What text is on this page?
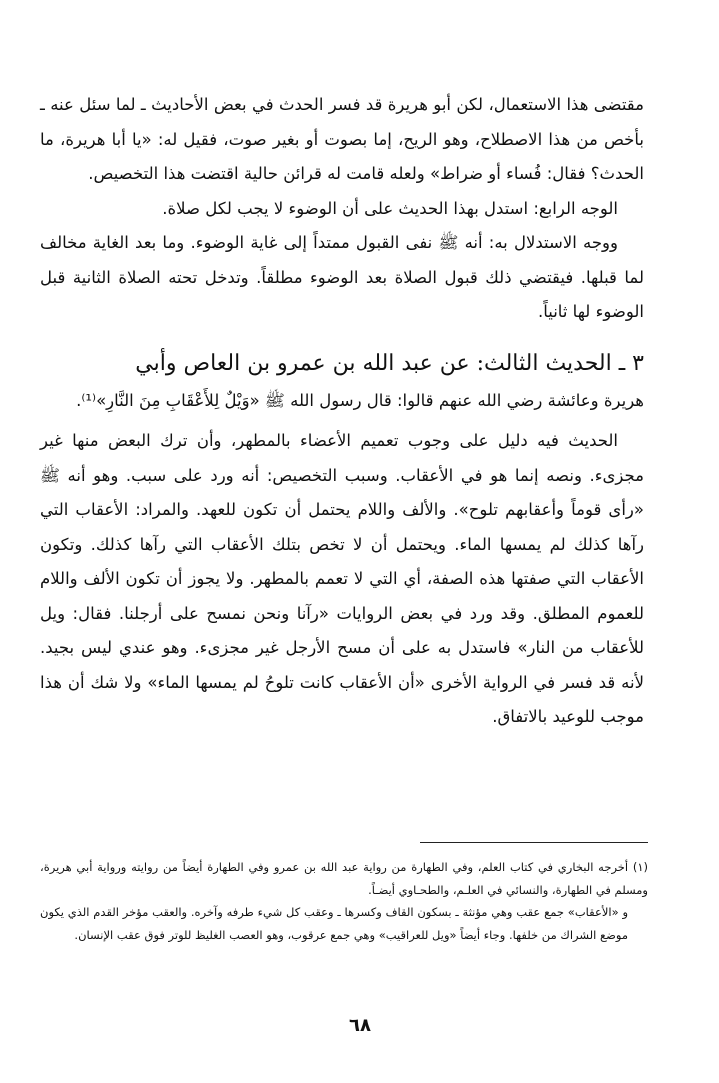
مقتضى هذا الاستعمال، لكن أبو هريرة قد فسر الحدث في بعض الأحاديث ـ لما سئل عنه ـ بأخص من هذا الاصطلاح، وهو الريح، إما بصوت أو بغير صوت، فقيل له: «يا أبا هريرة، ما الحدث؟ فقال: فُساء أو ضراط» ولعله قامت له قرائن حالية اقتضت هذا التخصيص.

الوجه الرابع: استدل بهذا الحديث على أن الوضوء لا يجب لكل صلاة.

ووجه الاستدلال به: أنه ﷺ نفى القبول ممتداً إلى غاية الوضوء. وما بعد الغاية مخالف لما قبلها. فيقتضي ذلك قبول الصلاة بعد الوضوء مطلقاً. وتدخل تحته الصلاة الثانية قبل الوضوء لها ثانياً.

٣ ـ الحديث الثالث: عن عبد الله بن عمرو بن العاص وأبي

هريرة وعائشة رضي الله عنهم قالوا: قال رسول الله ﷺ «وَيْلٌ لِلأَعْقَابِ مِنَ النَّارِ»⁽¹⁾.

الحديث فيه دليل على وجوب تعميم الأعضاء بالمطهر، وأن ترك البعض منها غير مجزىء. ونصه إنما هو في الأعقاب. وسبب التخصيص: أنه ورد على سبب. وهو أنه ﷺ «رأى قوماً وأعقابهم تلوح». والألف واللام يحتمل أن تكون للعهد. والمراد: الأعقاب التي رآها كذلك لم يمسها الماء. ويحتمل أن لا تخص بتلك الأعقاب التي رآها كذلك. وتكون الأعقاب التي صفتها هذه الصفة، أي التي لا تعمم بالمطهر. ولا يجوز أن تكون الألف واللام للعموم المطلق. وقد ورد في بعض الروايات «رآنا ونحن نمسح على أرجلنا. فقال: ويل للأعقاب من النار» فاستدل به على أن مسح الأرجل غير مجزىء. وهو عندي ليس بجيد. لأنه قد فسر في الرواية الأخرى «أن الأعقاب كانت تلوحُ لم يمسها الماء» ولا شك أن هذا موجب للوعيد بالاتفاق.

(١) أخرجه البخاري في كتاب العلم، وفي الطهارة من رواية عبد الله بن عمرو وفي الطهارة أيضاً من روايته ورواية أبي هريرة، ومسلم في الطهارة، والنسائي في العلـم، والطحـاوي أيضـاً.

و «الأعقاب» جمع عقب وهي مؤنثة ـ بسكون القاف وكسرها ـ وعقب كل شيء طرفه وآخره. والعقب مؤخر القدم الذي يكون موضع الشراك من خلفها. وجاء أيضاً «ويل للعراقيب» وهي جمع عرقوب، وهو العصب الغليظ للوتر فوق عقب الإنسان.

٦٨
